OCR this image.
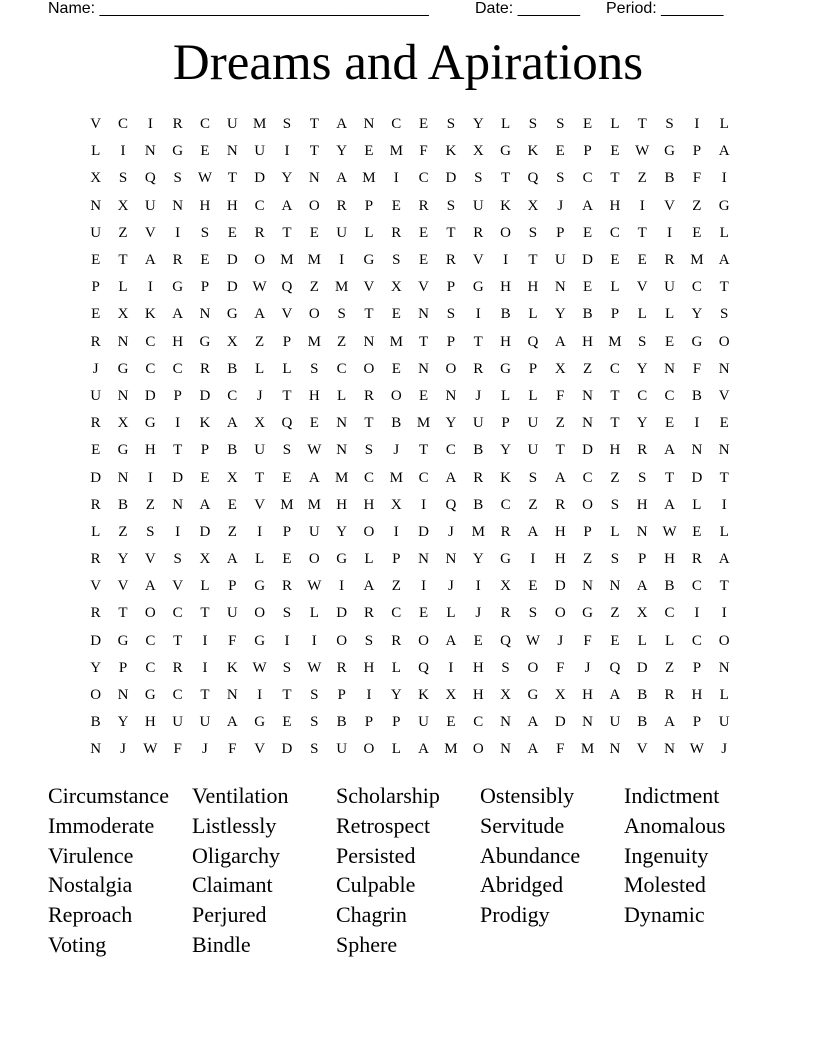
Name: _____________________________________	Date: _______ Period: _______
Dreams and Apirations
V	C	I	R	C	U	M	S	T	A	N	C	E	S	Y	L	S	S	E	L	T	S	I	L
L	I	N	G	E	N	U	I	T	Y	E	M	F	K	X	G	K	E	P	E	W G	P	A
X	S	Q	S	W	T	D	Y	N	A	M	I	C	D	S	T	Q	S	C	T	Z	B	F	I
N	X	U	N	H	H	C	A	O	R	P	E	R	S	U	K	X	J	A	H	I	V	Z	G
U	Z	V	I	S	E	R	T	E	U	L	R	E	T	R	O	S	P	E	C	T	I	E	L
E	T	A	R	E	D	O	M M	I	G	S	E	R	V	I	T	U	D	E	E	R	M	A
P	L	I	G	P	D W Q	Z	M	V	X	V	P	G	H	H	N	E	L	V	U	C	T
E	X	K	A	N	G	A	V	O	S	T	E	N	S	I	B	L	Y	B	P	L	L	Y	S
R	N	C	H	G	X	Z	P	M	Z	N	M	T	P	T	H	Q	A	H	M	S	E	G	O
J	G	C	C	R	B	L	L	S	C	O	E	N	O	R	G	P	X	Z	C	Y	N	F	N
U	N	D	P	D	C	J	T	H	L	R	O	E	N	J	L	L	F	N	T	C	C	B	V
R	X	G	I	K	A	X	Q	E	N	T	B	M	Y	U	P	U	Z	N	T	Y	E	I	E
E	G	H	T	P	B	U	S	W N	S	J	T	C	B	Y	U	T	D	H	R	A	N	N
D	N	I	D	E	X	T	E	A	M	C	M	C	A	R	K	S	A	C	Z	S	T	D	T
R	B	Z	N	A	E	V	M M	H	H	X	I	Q	B	C	Z	R	O	S	H	A	L	I
L	Z	S	I	D	Z	I	P	U	Y	O	I	D	J	M	R	A	H	P	L	N W	E	L
R	Y	V	S	X	A	L	E	O	G	L	P	N	N	Y	G	I	H	Z	S	P	H	R	A
V	V	A	V	L	P	G	R	W	I	A	Z	I	J	I	X	E	D	N	N	A	B	C	T
R	T	O	C	T	U	O	S	L	D	R	C	E	L	J	R	S	O	G	Z	X	C	I	I
D	G	C	T	I	F	G	I	I	O	S	R	O	A	E	Q W	J	F	E	L	L	C	O
Y	P	C	R	I	K W	S	W	R	H	L	Q	I	H	S	O	F	J	Q	D	Z	P	N
O	N	G	C	T	N	I	T	S	P	I	Y	K	X	H	X	G	X	H	A	B	R	H	L
B	Y	H	U	U	A	G	E	S	B	P	P	U	E	C	N	A	D	N	U	B	A	P	U
N	J	W	F	J	F	V	D	S	U	O	L	A	M	O	N	A	F	M	N	V	N W	J
Circumstance	Ventilation	Scholarship	Ostensibly	Indictment
Immoderate	Listlessly	Retrospect	Servitude	Anomalous
Virulence	Oligarchy	Persisted	Abundance	Ingenuity
Nostalgia	Claimant	Culpable	Abridged	Molested
Reproach	Perjured	Chagrin	Prodigy	Dynamic
Voting	Bindle	Sphere
